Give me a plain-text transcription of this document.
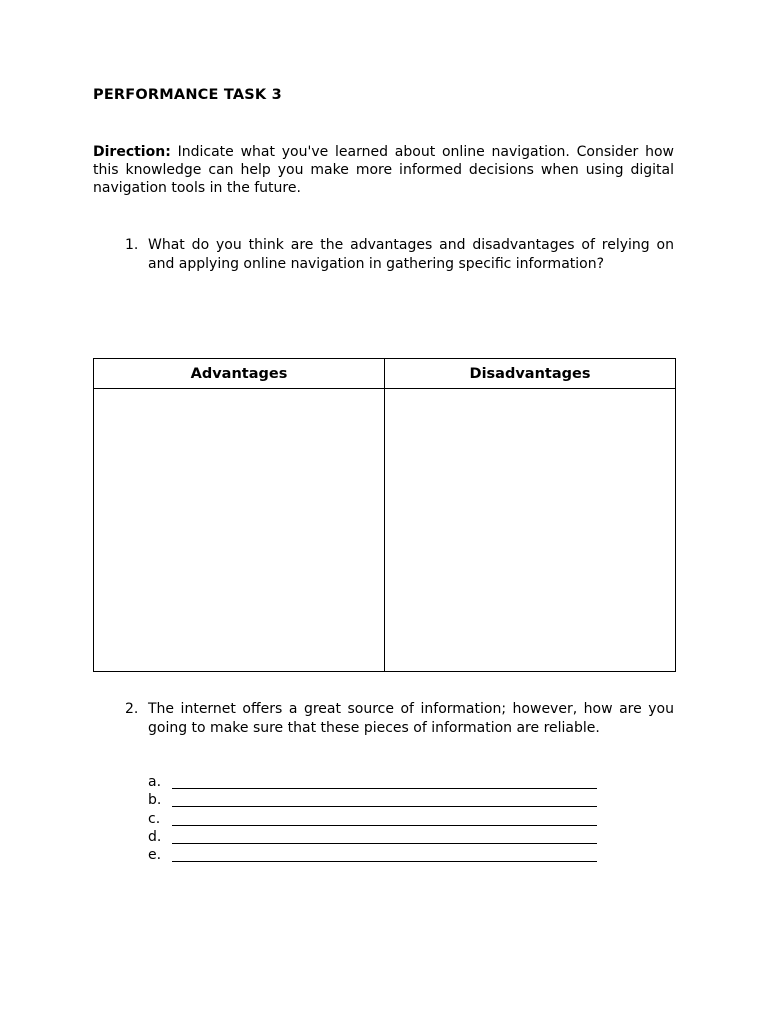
PERFORMANCE TASK 3
Direction: Indicate what you've learned about online navigation. Consider how this knowledge can help you make more informed decisions when using digital navigation tools in the future.
1. What do you think are the advantages and disadvantages of relying on and applying online navigation in gathering specific information?
Advantages	Disadvantages

2. The internet offers a great source of information; however, how are you going to make sure that these pieces of information are reliable.
a.
b.
c.
d.
e.
